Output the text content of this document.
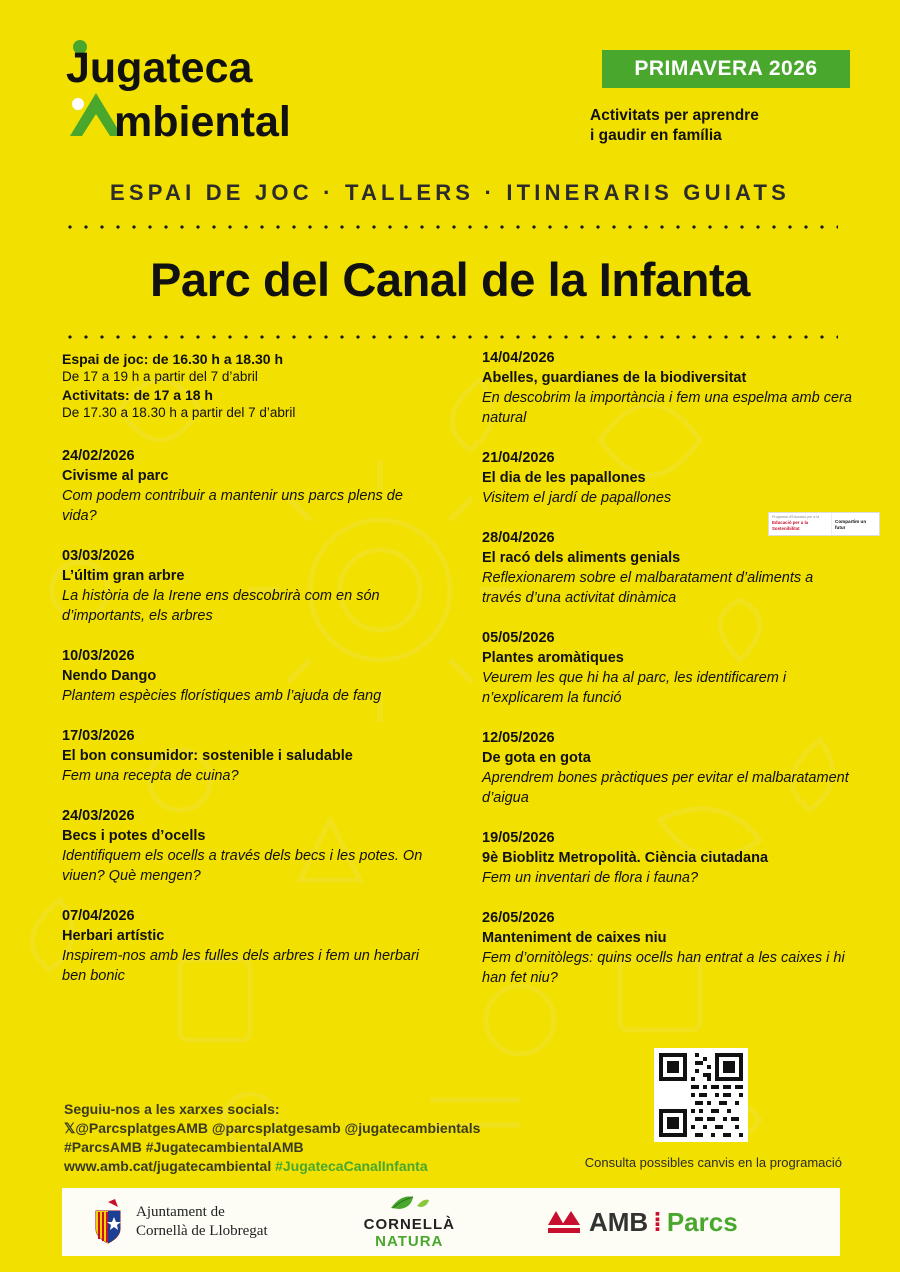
Jugateca
mbiental
PRIMAVERA 2026
Activitats per aprendre
i gaudir en família
ESPAI DE JOC · TALLERS · ITINERARIS GUIATS
Parc del Canal de la Infanta
Espai de joc: de 16.30 h a 18.30 h
De 17 a 19 h a partir del 7 d’abril
Activitats: de 17 a 18 h
De 17.30 a 18.30 h a partir del 7 d’abril
24/02/2026
Civisme al parc
Com podem contribuir a mantenir uns parcs plens de vida?
03/03/2026
L’últim gran arbre
La història de la Irene ens descobrirà com en són d’importants, els arbres
10/03/2026
Nendo Dango
Plantem espècies florístiques amb l’ajuda de fang
17/03/2026
El bon consumidor: sostenible i saludable
Fem una recepta de cuina?
24/03/2026
Becs i potes d’ocells
Identifiquem els ocells a través dels becs i les potes. On viuen? Què mengen?
07/04/2026
Herbari artístic
Inspirem-nos amb les fulles dels arbres i fem un herbari ben bonic
14/04/2026
Abelles, guardianes de la biodiversitat
En descobrim la importància i fem una espelma amb cera natural
21/04/2026
El dia de les papallones
Visitem el jardí de papallones
Programa d'Educació per a la
Educació per a la Sostenibilitat
Compartim un futur
28/04/2026
El racó dels aliments genials
Reflexionarem sobre el malbaratament d’aliments a través d’una activitat dinàmica
05/05/2026
Plantes aromàtiques
Veurem les que hi ha al parc, les identificarem i n’explicarem la funció
12/05/2026
De gota en gota
Aprendrem bones pràctiques per evitar el malbaratament d’aigua
19/05/2026
9è Bioblitz Metropolità. Ciència ciutadana
Fem un inventari de flora i fauna?
26/05/2026
Manteniment de caixes niu
Fem d’ornitòlegs: quins ocells han entrat a les caixes i hi han fet niu?
Seguiu-nos a les xarxes socials:
𝕏@ParcsplatgesAMB @parcsplatgesamb @jugatecambientals
#ParcsAMB #JugatecambientalAMB
www.amb.cat/jugatecambiental #JugatecaCanalInfanta	Consulta possibles canvis en la programació
Ajuntament de
Cornellà de Llobregat	CORNELLÀ
NATURA
AMB ⁞ Parcs
